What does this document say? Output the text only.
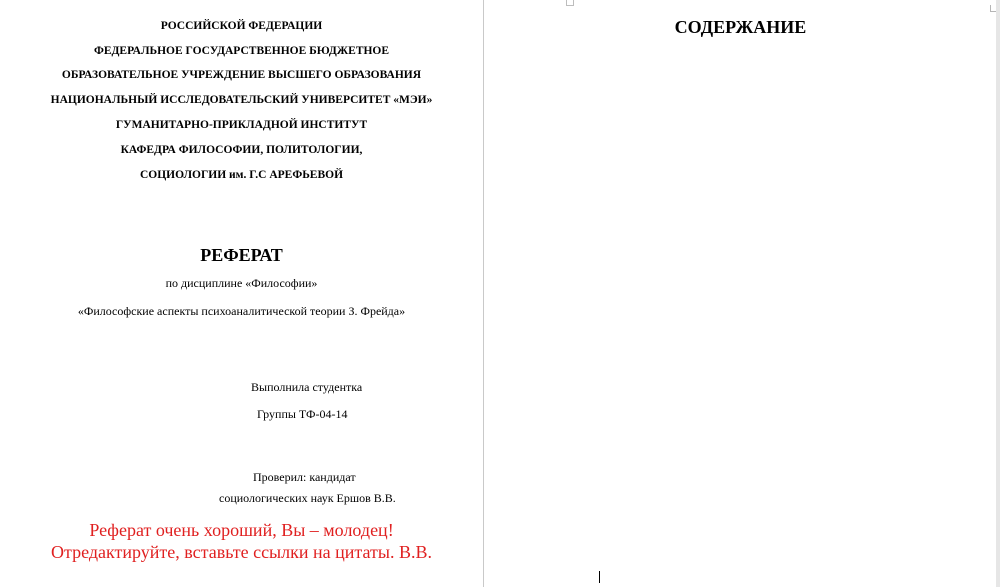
РОССИЙСКОЙ ФЕДЕРАЦИИ
ФЕДЕРАЛЬНОЕ ГОСУДАРСТВЕННОЕ БЮДЖЕТНОЕ
ОБРАЗОВАТЕЛЬНОЕ УЧРЕЖДЕНИЕ ВЫСШЕГО ОБРАЗОВАНИЯ
НАЦИОНАЛЬНЫЙ ИССЛЕДОВАТЕЛЬСКИЙ УНИВЕРСИТЕТ «МЭИ»
ГУМАНИТАРНО-ПРИКЛАДНОЙ ИНСТИТУТ
КАФЕДРА ФИЛОСОФИИ, ПОЛИТОЛОГИИ,
СОЦИОЛОГИИ им. Г.С АРЕФЬЕВОЙ
РЕФЕРАТ
по дисциплине «Философии»
«Философские аспекты психоаналитической теории З. Фрейда»
Выполнила студентка
Группы ТФ-04-14
Проверил: кандидат
социологических наук Ершов В.В.
Реферат очень хороший, Вы – молодец!
Отредактируйте, вставьте ссылки на цитаты. В.В.
СОДЕРЖАНИЕ
